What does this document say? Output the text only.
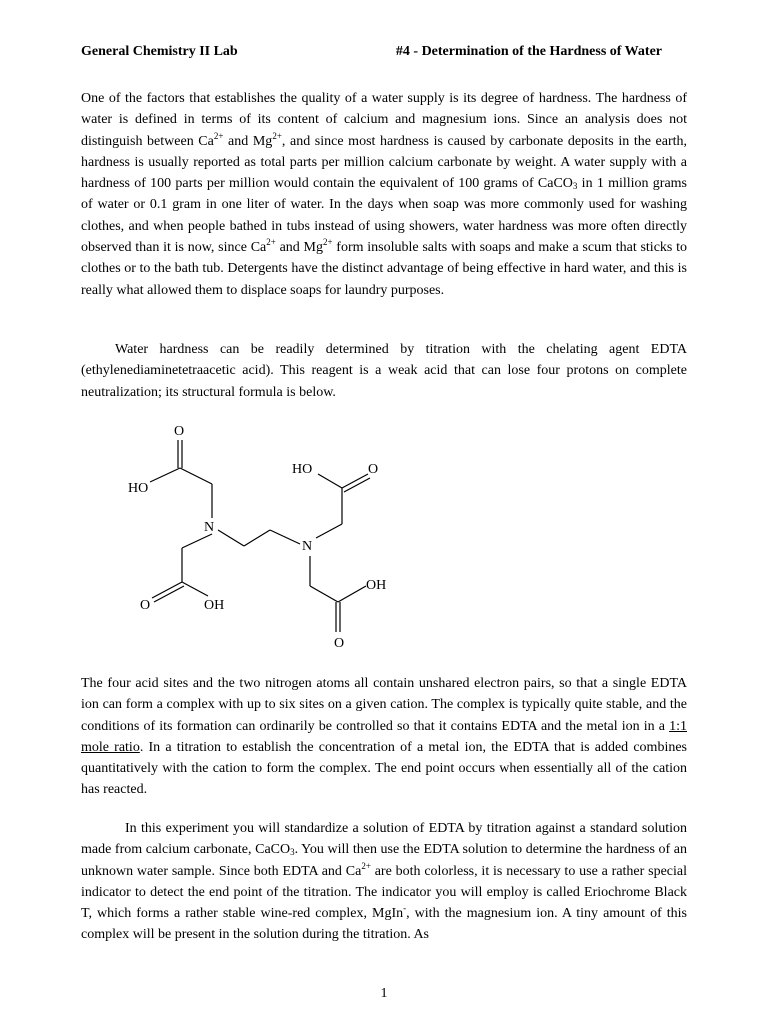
General Chemistry II Lab	#4 - Determination of the Hardness of Water

One of the factors that establishes the quality of a water supply is its degree of hardness. The hardness of water is defined in terms of its content of calcium and magnesium ions. Since an analysis does not distinguish between $Ca^{2+}$ and $Mg^{2+}$, and since most hardness is caused by carbonate deposits in the earth, hardness is usually reported as total parts per million calcium carbonate by weight. A water supply with a hardness of 100 parts per million would contain the equivalent of 100 grams of CaCO$_3$ in 1 million grams of water or 0.1 gram in one liter of water. In the days when soap was more commonly used for washing clothes, and when people bathed in tubs instead of using showers, water hardness was more often directly observed than it is now, since $Ca^{2+}$ and $Mg^{2+}$ form insoluble salts with soaps and make a scum that sticks to clothes or to the bath tub. Detergents have the distinct advantage of being effective in hard water, and this is really what allowed them to displace soaps for laundry purposes.

Water hardness can be readily determined by titration with the chelating agent EDTA (ethylenediaminetetraacetic acid). This reagent is a weak acid that can lose four protons on complete neutralization; its structural formula is below.

O
HO
N
O	OH
HO	O
N
OH
O

The four acid sites and the two nitrogen atoms all contain unshared electron pairs, so that a single EDTA ion can form a complex with up to six sites on a given cation. The complex is typically quite stable, and the conditions of its formation can ordinarily be controlled so that it contains EDTA and the metal ion in a 1:1 mole ratio. In a titration to establish the concentration of a metal ion, the EDTA that is added combines quantitatively with the cation to form the complex. The end point occurs when essentially all of the cation has reacted.

In this experiment you will standardize a solution of EDTA by titration against a standard solution made from calcium carbonate, CaCO$_3$. You will then use the EDTA solution to determine the hardness of an unknown water sample. Since both EDTA and $Ca^{2+}$ are both colorless, it is necessary to use a rather special indicator to detect the end point of the titration. The indicator you will employ is called Eriochrome Black T, which forms a rather stable wine-red complex, MgIn-, with the magnesium ion. A tiny amount of this complex will be present in the solution during the titration. As

1
